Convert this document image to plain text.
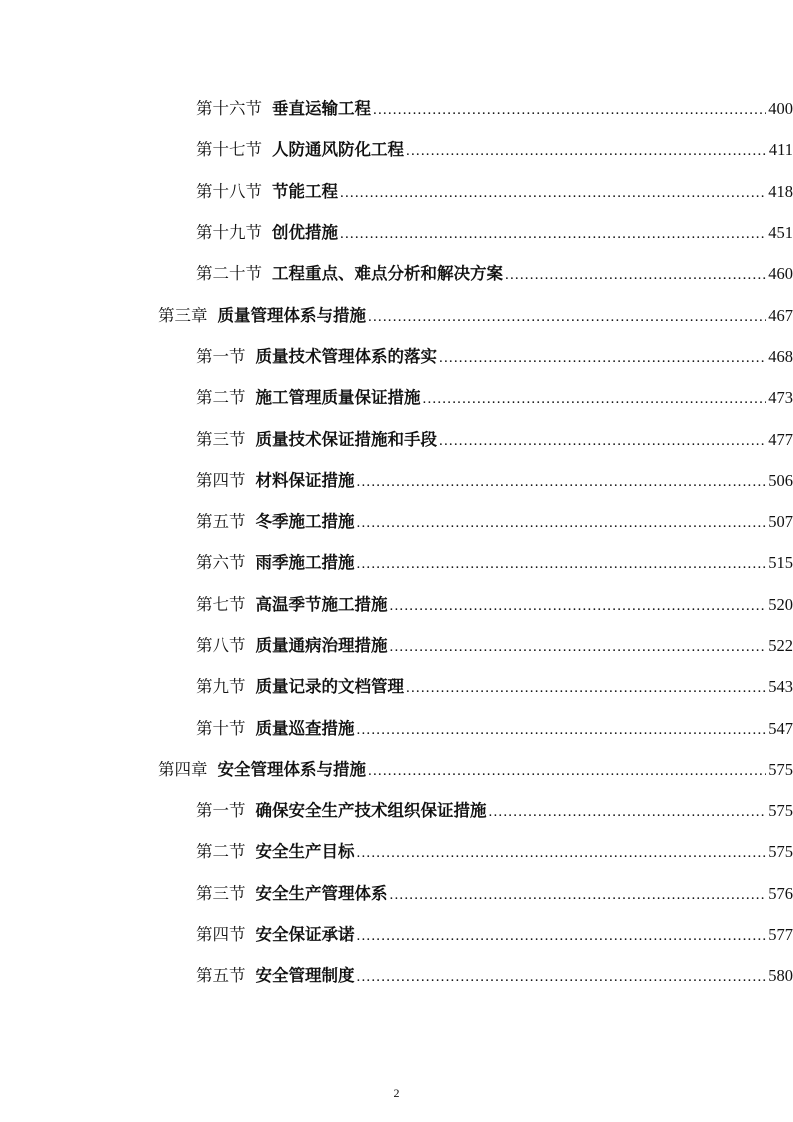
第十六节 垂直运输工程 .....	400
第十七节 人防通风防化工程 .....	411
第十八节 节能工程 .....	418
第十九节 创优措施 .....	451
第二十节 工程重点、难点分析和解决方案 .....	460
第三章 质量管理体系与措施 .....	467
第一节 质量技术管理体系的落实 .....	468
第二节 施工管理质量保证措施 .....	473
第三节 质量技术保证措施和手段 .....	477
第四节 材料保证措施 .....	506
第五节 冬季施工措施 .....	507
第六节 雨季施工措施 .....	515
第七节 高温季节施工措施 .....	520
第八节 质量通病治理措施 .....	522
第九节 质量记录的文档管理 .....	543
第十节 质量巡查措施 .....	547
第四章 安全管理体系与措施 .....	575
第一节 确保安全生产技术组织保证措施 .....	575
第二节 安全生产目标 .....	575
第三节 安全生产管理体系 .....	576
第四节 安全保证承诺 .....	577
第五节 安全管理制度 .....	580
2
